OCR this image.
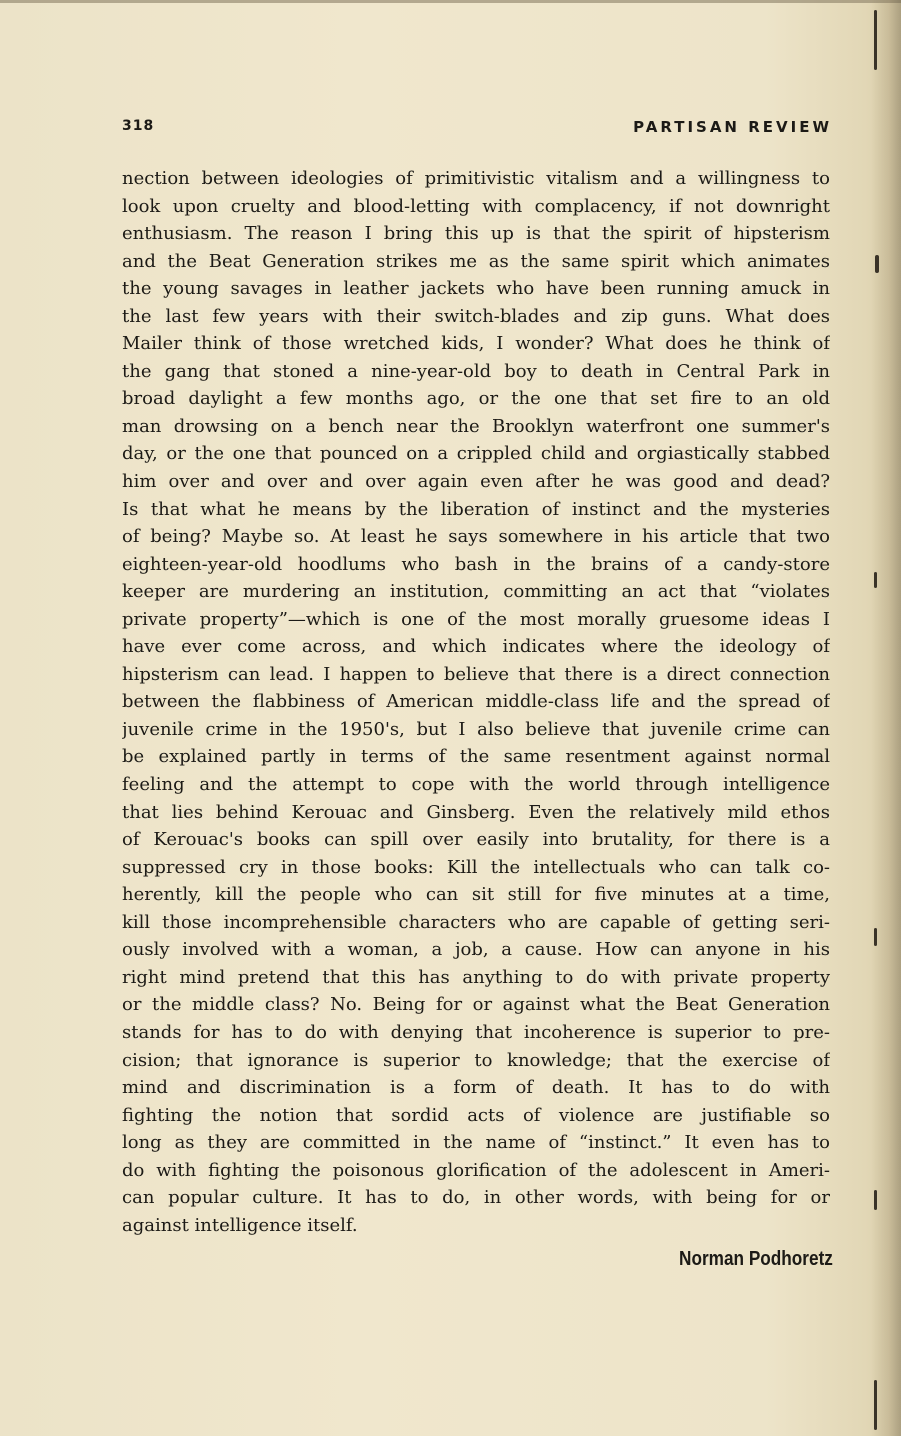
318	PARTISAN REVIEW
nection between ideologies of primitivistic vitalism and a willingness to
look upon cruelty and blood-letting with complacency, if not downright
enthusiasm. The reason I bring this up is that the spirit of hipsterism
and the Beat Generation strikes me as the same spirit which animates
the young savages in leather jackets who have been running amuck in
the last few years with their switch-blades and zip guns. What does
Mailer think of those wretched kids, I wonder? What does he think of
the gang that stoned a nine-year-old boy to death in Central Park in
broad daylight a few months ago, or the one that set fire to an old
man drowsing on a bench near the Brooklyn waterfront one summer's
day, or the one that pounced on a crippled child and orgiastically stabbed
him over and over and over again even after he was good and dead?
Is that what he means by the liberation of instinct and the mysteries
of being? Maybe so. At least he says somewhere in his article that two
eighteen-year-old hoodlums who bash in the brains of a candy-store
keeper are murdering an institution, committing an act that “violates
private property”—which is one of the most morally gruesome ideas I
have ever come across, and which indicates where the ideology of
hipsterism can lead. I happen to believe that there is a direct connection
between the flabbiness of American middle-class life and the spread of
juvenile crime in the 1950's, but I also believe that juvenile crime can
be explained partly in terms of the same resentment against normal
feeling and the attempt to cope with the world through intelligence
that lies behind Kerouac and Ginsberg. Even the relatively mild ethos
of Kerouac's books can spill over easily into brutality, for there is a
suppressed cry in those books: Kill the intellectuals who can talk co-
herently, kill the people who can sit still for five minutes at a time,
kill those incomprehensible characters who are capable of getting seri-
ously involved with a woman, a job, a cause. How can anyone in his
right mind pretend that this has anything to do with private property
or the middle class? No. Being for or against what the Beat Generation
stands for has to do with denying that incoherence is superior to pre-
cision; that ignorance is superior to knowledge; that the exercise of
mind and discrimination is a form of death. It has to do with
fighting the notion that sordid acts of violence are justifiable so
long as they are committed in the name of “instinct.” It even has to
do with fighting the poisonous glorification of the adolescent in Ameri-
can popular culture. It has to do, in other words, with being for or
against intelligence itself.
Norman Podhoretz
